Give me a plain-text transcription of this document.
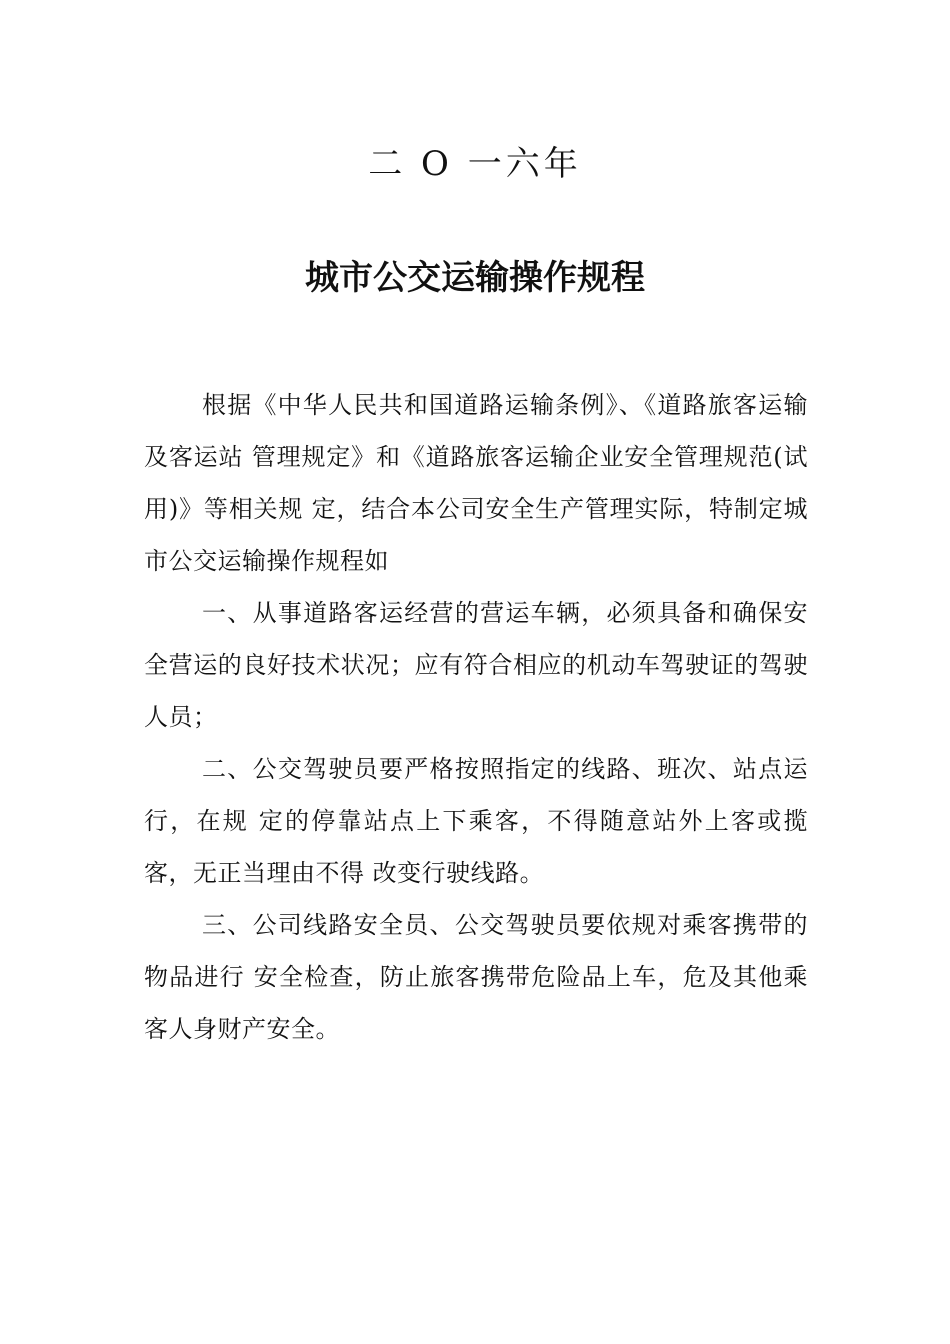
二 O 一六年
城市公交运输操作规程

根据《中华人民共和国道路运输条例》、《道路旅客运输及客运站 管理规定》和《道路旅客运输企业安全管理规范(试用)》等相关规 定，结合本公司安全生产管理实际，特制定城市公交运输操作规程如

一、从事道路客运经营的营运车辆，必须具备和确保安全营运的良好技术状况；应有符合相应的机动车驾驶证的驾驶人员；

二、公交驾驶员要严格按照指定的线路、班次、站点运行，在规 定的停靠站点上下乘客，不得随意站外上客或揽客，无正当理由不得 改变行驶线路。

三、公司线路安全员、公交驾驶员要依规对乘客携带的物品进行 安全检查，防止旅客携带危险品上车，危及其他乘客人身财产安全。
